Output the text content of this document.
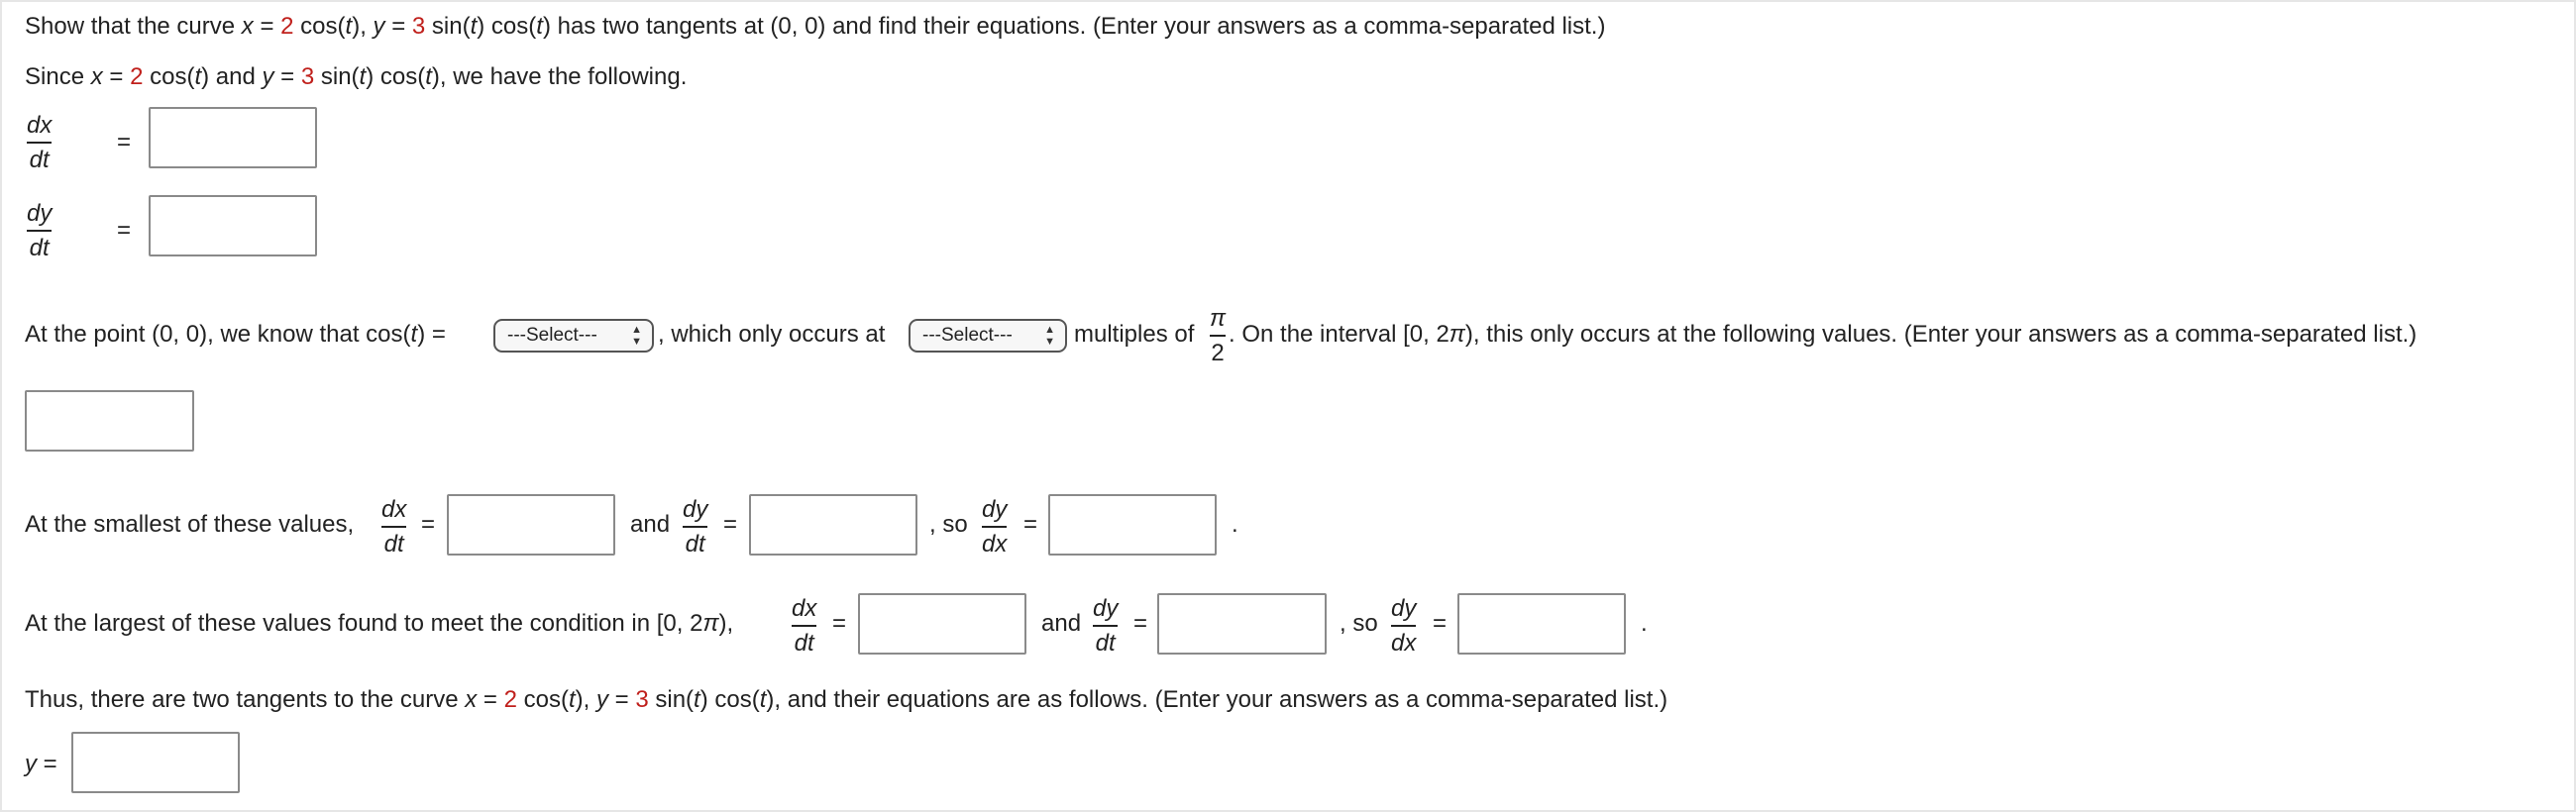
Show that the curve x = 2 cos(t), y = 3 sin(t) cos(t) has two tangents at (0, 0) and find their equations. (Enter your answers as a comma-separated list.)
Since x = 2 cos(t) and y = 3 sin(t) cos(t), we have the following.
dx
dt
=
dy
dt
=
At the point (0, 0), we know that cos(t) =	---Select---	▲
▼ , which only occurs at	---Select---	▲
▼ multiples of
π
2
. On the interval [0, 2π), this only occurs at the following values. (Enter your answers as a comma-separated list.)
At the smallest of these values,
dx
dt
=	and
dy
dt
=	, so
dy
dx
=	.
At the largest of these values found to meet the condition in [0, 2π),
dx
dt
=	and
dy
dt
=	, so
dy
dx
=	.
Thus, there are two tangents to the curve x = 2 cos(t), y = 3 sin(t) cos(t), and their equations are as follows. (Enter your answers as a comma-separated list.)
y =
